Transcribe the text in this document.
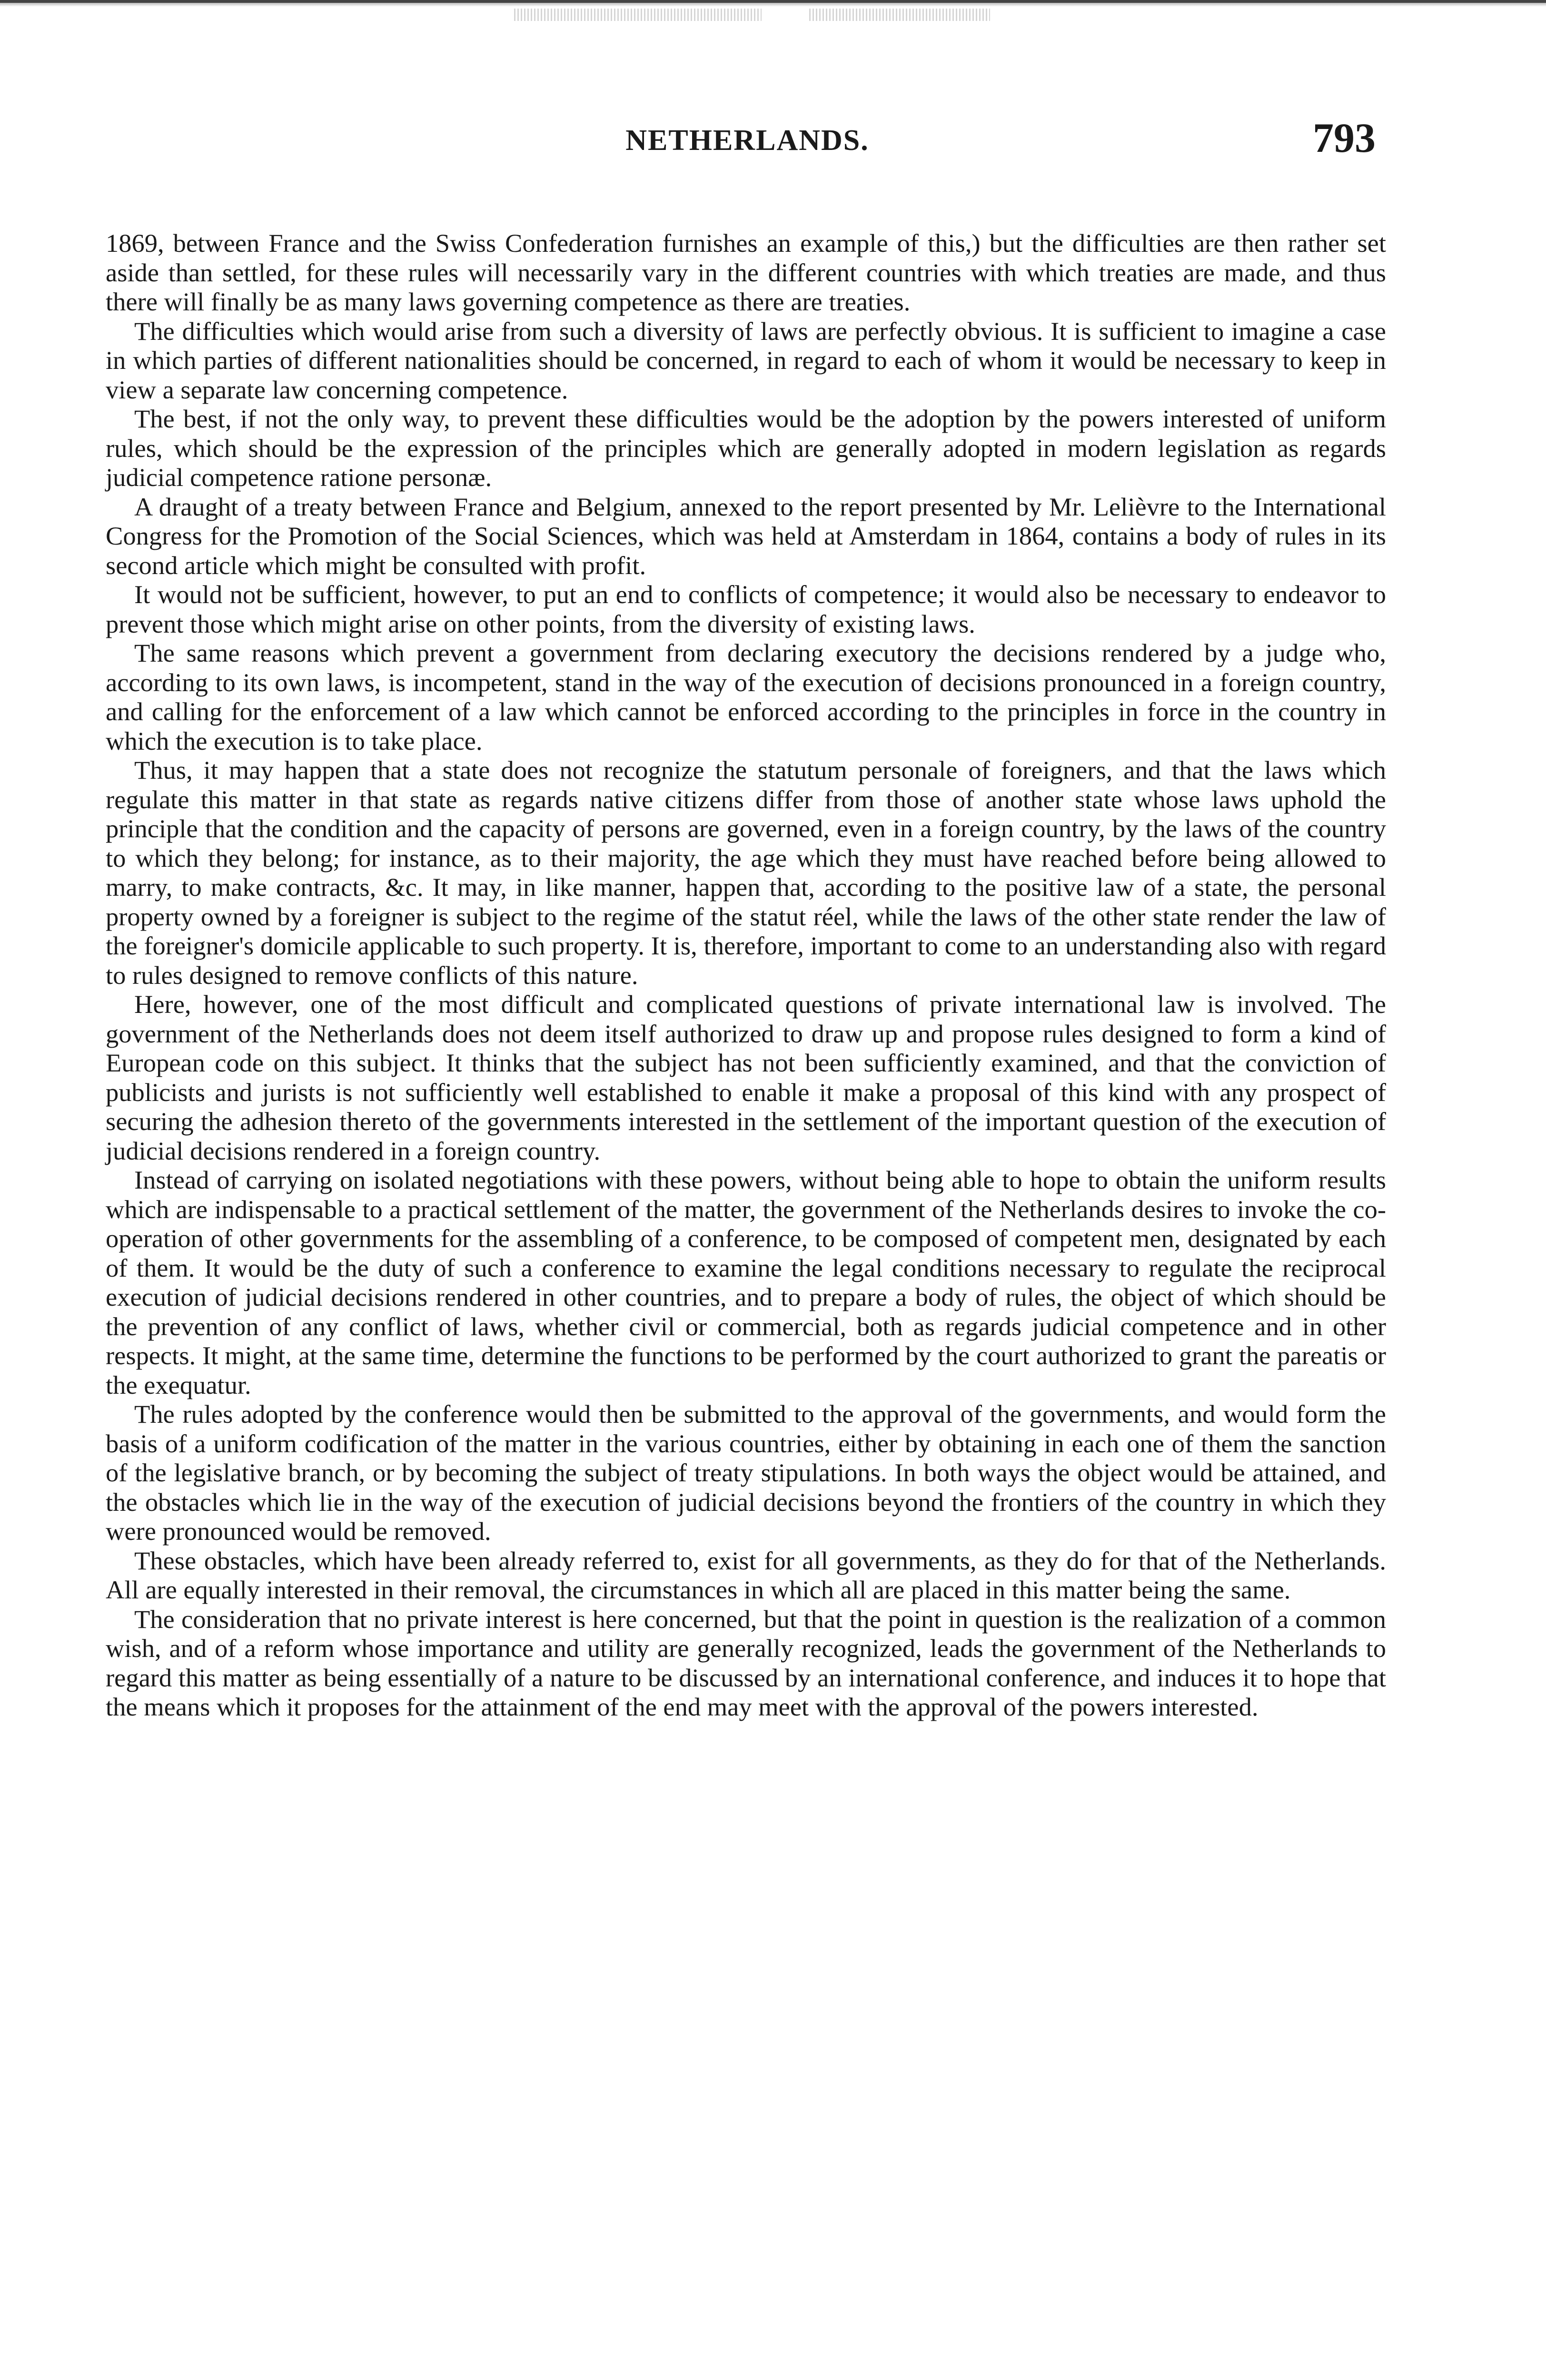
NETHERLANDS.	793

1869, between France and the Swiss Confederation furnishes an example of this,) but the difficulties are then rather set aside than settled, for these rules will necessarily vary in the different countries with which treaties are made, and thus there will finally be as many laws governing competence as there are treaties.

The difficulties which would arise from such a diversity of laws are perfectly obvious. It is sufficient to imagine a case in which parties of different nationalities should be concerned, in regard to each of whom it would be necessary to keep in view a separate law concerning competence.

The best, if not the only way, to prevent these difficulties would be the adoption by the powers interested of uniform rules, which should be the expression of the principles which are generally adopted in modern legislation as regards judicial competence ratione personæ.

A draught of a treaty between France and Belgium, annexed to the report presented by Mr. Lelièvre to the International Congress for the Promotion of the Social Sciences, which was held at Amsterdam in 1864, contains a body of rules in its second article which might be consulted with profit.

It would not be sufficient, however, to put an end to conflicts of competence; it would also be necessary to endeavor to prevent those which might arise on other points, from the diversity of existing laws.

The same reasons which prevent a government from declaring executory the decisions rendered by a judge who, according to its own laws, is incompetent, stand in the way of the execution of decisions pronounced in a foreign country, and calling for the enforcement of a law which cannot be enforced according to the principles in force in the country in which the execution is to take place.

Thus, it may happen that a state does not recognize the statutum personale of foreigners, and that the laws which regulate this matter in that state as regards native citizens differ from those of another state whose laws uphold the principle that the condition and the capacity of persons are governed, even in a foreign country, by the laws of the country to which they belong; for instance, as to their majority, the age which they must have reached before being allowed to marry, to make contracts, &c. It may, in like manner, happen that, according to the positive law of a state, the personal property owned by a foreigner is subject to the regime of the statut réel, while the laws of the other state render the law of the foreigner's domicile applicable to such property. It is, therefore, important to come to an understanding also with regard to rules designed to remove conflicts of this nature.

Here, however, one of the most difficult and complicated questions of private international law is involved. The government of the Netherlands does not deem itself authorized to draw up and propose rules designed to form a kind of European code on this subject. It thinks that the subject has not been sufficiently examined, and that the conviction of publicists and jurists is not sufficiently well established to enable it make a proposal of this kind with any prospect of securing the adhesion thereto of the governments interested in the settlement of the important question of the execution of judicial decisions rendered in a foreign country.

Instead of carrying on isolated negotiations with these powers, without being able to hope to obtain the uniform results which are indispensable to a practical settlement of the matter, the government of the Netherlands desires to invoke the co-operation of other governments for the assembling of a conference, to be composed of competent men, designated by each of them. It would be the duty of such a conference to examine the legal conditions necessary to regulate the reciprocal execution of judicial decisions rendered in other countries, and to prepare a body of rules, the object of which should be the prevention of any conflict of laws, whether civil or commercial, both as regards judicial competence and in other respects. It might, at the same time, determine the functions to be performed by the court authorized to grant the pareatis or the exequatur.

The rules adopted by the conference would then be submitted to the approval of the governments, and would form the basis of a uniform codification of the matter in the various countries, either by obtaining in each one of them the sanction of the legislative branch, or by becoming the subject of treaty stipulations. In both ways the object would be attained, and the obstacles which lie in the way of the execution of judicial decisions beyond the frontiers of the country in which they were pronounced would be removed.

These obstacles, which have been already referred to, exist for all governments, as they do for that of the Netherlands. All are equally interested in their removal, the circumstances in which all are placed in this matter being the same.

The consideration that no private interest is here concerned, but that the point in question is the realization of a common wish, and of a reform whose importance and utility are generally recognized, leads the government of the Netherlands to regard this matter as being essentially of a nature to be discussed by an international conference, and induces it to hope that the means which it proposes for the attainment of the end may meet with the approval of the powers interested.
